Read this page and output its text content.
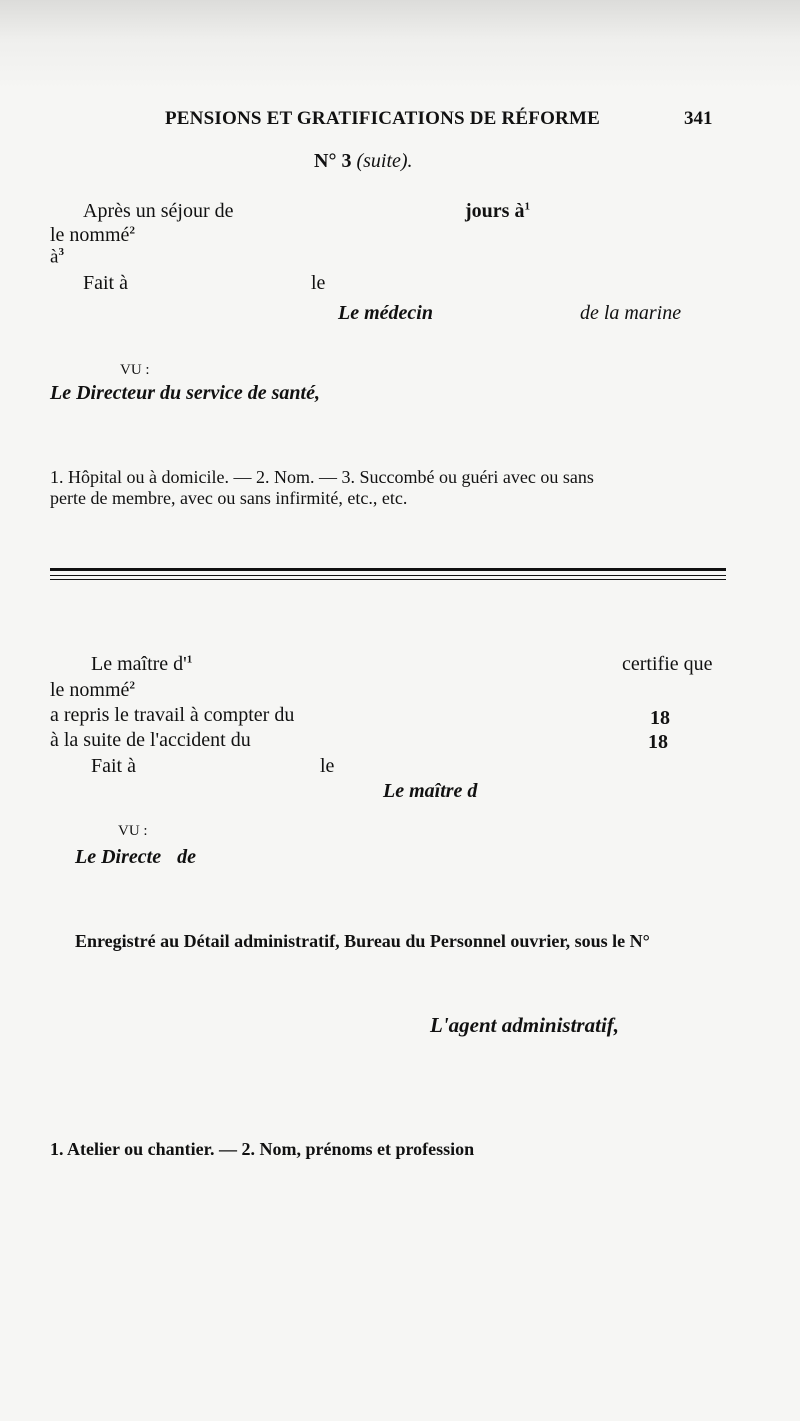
PENSIONS ET GRATIFICATIONS DE RÉFORME	341
N° 3 (suite).
Après un séjour de	jours $à^1$
le nommé$^2$
$à^3$
Fait à	le
Le médecin	de la marine
VU :
Le Directeur du service de santé,
1. Hôpital ou à domicile. — 2. Nom. — 3. Succombé ou guéri avec ou sans
perte de membre, avec ou sans infirmité, etc., etc.
Le maître $d'^1$	certifie que
le nommé$^2$
a repris le travail à compter du	18
à la suite de l'accident du	18
Fait à	le
Le maître d
VU :
Le Directe de
Enregistré au Détail administratif, Bureau du Personnel ouvrier, sous le N°
L'agent administratif,
1. Atelier ou chantier. — 2. Nom, prénoms et profession
